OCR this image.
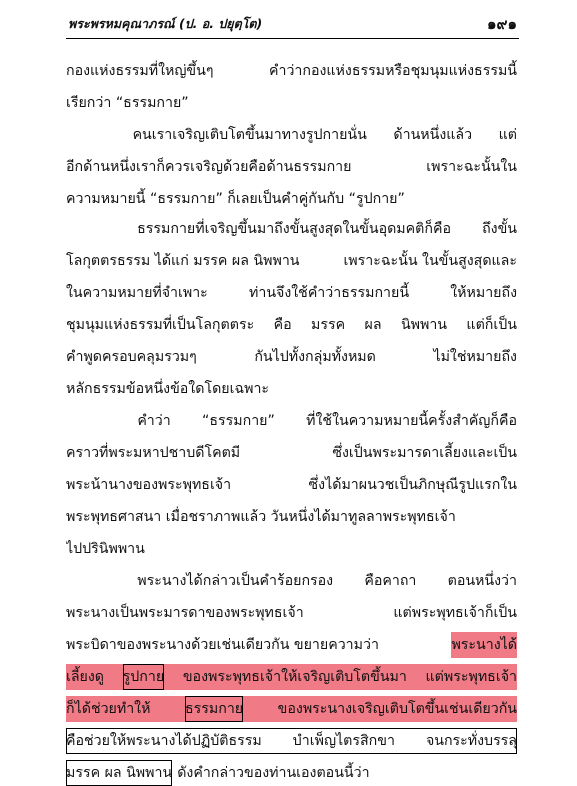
พระพรหมคุณาภรณ์ (ป. อ. ปยุตฺโต)	๑๙๑
กองแห่งธรรมที่ใหญ่ขึ้นๆ	คำว่ากองแห่งธรรมหรือชุมนุมแห่งธรรมนี้
เรียกว่า “ธรรมกาย”
คนเราเจริญเติบโตขึ้นมาทางรูปกายนั่น ด้านหนึ่งแล้ว แต่
อีกด้านหนึ่งเราก็ควรเจริญด้วยคือด้านธรรมกาย	เพราะฉะนั้นใน
ความหมายนี้ “ธรรมกาย” ก็เลยเป็นคำคู่กันกับ “รูปกาย”
ธรรมกายที่เจริญขึ้นมาถึงขั้นสูงสุดในขั้นอุดมคติก็คือ ถึงขั้น
โลกุตตรธรรม ได้แก่ มรรค ผล นิพพาน	เพราะฉะนั้น ในขั้นสูงสุดและ
ในความหมายที่จำเพาะ	ท่านจึงใช้คำว่าธรรมกายนี้	ให้หมายถึง
ชุมนุมแห่งธรรมที่เป็นโลกุตตระ คือ มรรค ผล นิพพาน แต่ก็เป็น
คำพูดครอบคลุมรวมๆ	กันไปทั้งกลุ่มทั้งหมด	ไม่ใช่หมายถึง
หลักธรรมข้อหนึ่งข้อใดโดยเฉพาะ
คำว่า “ธรรมกาย” ที่ใช้ในความหมายนี้ครั้งสำคัญก็คือ
คราวที่พระมหาปชาบดีโคตมี	ซึ่งเป็นพระมารดาเลี้ยงและเป็น
พระน้านางของพระพุทธเจ้า	ซึ่งได้มาผนวชเป็นภิกษุณีรูปแรกใน
พระพุทธศาสนา เมื่อชราภาพแล้ว วันหนึ่งได้มาทูลลาพระพุทธเจ้า
ไปปรินิพพาน
พระนางได้กล่าวเป็นคำร้อยกรอง คือคาถา ตอนหนึ่งว่า
พระนางเป็นพระมารดาของพระพุทธเจ้า	แต่พระพุทธเจ้าก็เป็น
พระบิดาของพระนางด้วยเช่นเดียวกัน ขยายความว่า	พระนางได้
เลี้ยงดู รูปกาย ของพระพุทธเจ้าให้เจริญเติบโตขึ้นมา แต่พระพุทธเจ้า
ก็ได้ช่วยทำให้ ธรรมกาย ของพระนางเจริญเติบโตขึ้นเช่นเดียวกัน
คือช่วยให้พระนางได้ปฏิบัติธรรม บำเพ็ญไตรสิกขา จนกระทั่งบรรลุ
มรรค ผล นิพพาน ดังคำกล่าวของท่านเองตอนนี้ว่า
